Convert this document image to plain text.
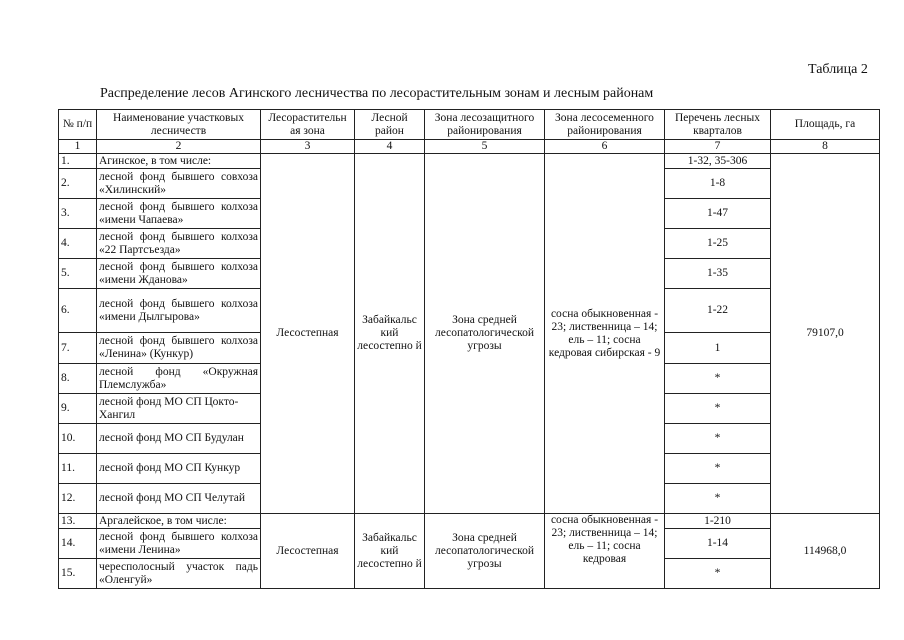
Таблица 2
Распределение лесов Агинского лесничества по лесорастительным зонам и лесным районам
№ п/п	Наименование участковых лесничеств	Лесорастительн ая зона	Лесной район	Зона лесозащитного районирования	Зона лесосеменного районирования	Перечень лесных кварталов	Площадь, га
1	2	3	4	5	6	7	8
1.	Агинское, в том числе:	Лесостепная	Забайкальс кий лесостепно й	Зона средней лесопатологической угрозы	сосна обыкновенная - 23; лиственница – 14; ель – 11; сосна кедровая сибирская - 9	1-32, 35-306	79107,0
2.	лесной фонд бывшего совхоза «Хилинский»					1-8	
3.	лесной фонд бывшего колхоза «имени Чапаева»					1-47	
4.	лесной фонд бывшего колхоза «22 Партсъезда»					1-25	
5.	лесной фонд бывшего колхоза «имени Жданова»					1-35	
6.	лесной фонд бывшего колхоза «имени Дылгырова»					1-22	
7.	лесной фонд бывшего колхоза «Ленина» (Кункур)					1	
8.	лесной фонд «Окружная Племслужба»					*	
9.	лесной фонд МО СП Цокто-Хангил					*	
10.	лесной фонд МО СП Будулан					*	
11.	лесной фонд МО СП Кункур					*	
12.	лесной фонд МО СП Челутай					*	
13.	Аргалейское, в том числе:	Лесостепная	Забайкальс кий лесостепно й	Зона средней лесопатологической угрозы	сосна обыкновенная - 23; лиственница – 14; ель – 11; сосна кедровая	1-210	114968,0
14.	лесной фонд бывшего колхоза «имени Ленина»					1-14	
15.	чересполосный участок падь «Оленгуй»					*	
